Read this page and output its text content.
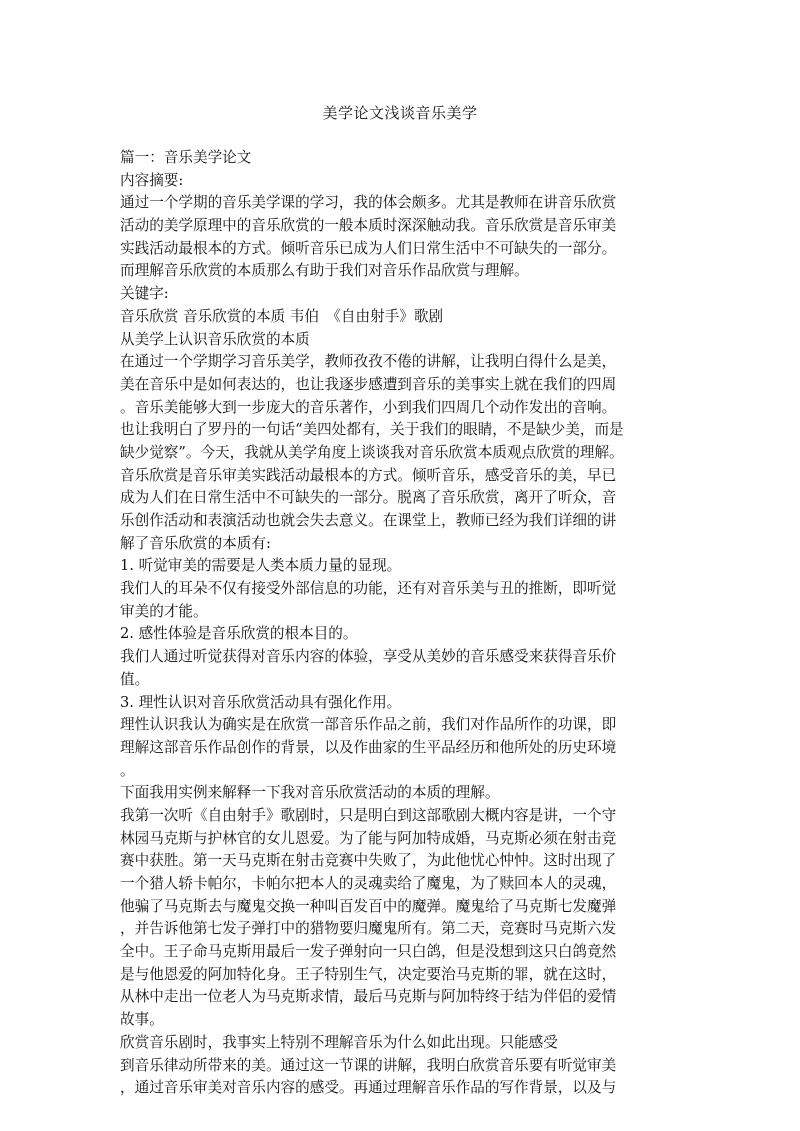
美学论文浅谈音乐美学
篇一：音乐美学论文
内容摘要:
通过一个学期的音乐美学课的学习，我的体会颇多。尤其是教师在讲音乐欣赏
活动的美学原理中的音乐欣赏的一般本质时深深触动我。音乐欣赏是音乐审美
实践活动最根本的方式。倾听音乐已成为人们日常生活中不可缺失的一部分。
而理解音乐欣赏的本质那么有助于我们对音乐作品欣赏与理解。
关键字:
音乐欣赏 音乐欣赏的本质 韦伯　《自由射手》歌剧
从美学上认识音乐欣赏的本质
在通过一个学期学习音乐美学，教师孜孜不倦的讲解，让我明白得什么是美，
美在音乐中是如何表达的，也让我逐步感遭到音乐的美事实上就在我们的四周
。音乐美能够大到一步庞大的音乐著作，小到我们四周几个动作发出的音响。
也让我明白了罗丹的一句话“美四处都有，关于我们的眼睛，不是缺少美，而是
缺少觉察”。今天，我就从美学角度上谈谈我对音乐欣赏本质观点欣赏的理解。
音乐欣赏是音乐审美实践活动最根本的方式。倾听音乐，感受音乐的美，早已
成为人们在日常生活中不可缺失的一部分。脱离了音乐欣赏，离开了听众，音
乐创作活动和表演活动也就会失去意义。在课堂上，教师已经为我们详细的讲
解了音乐欣赏的本质有:
1. 听觉审美的需要是人类本质力量的显现。
我们人的耳朵不仅有接受外部信息的功能，还有对音乐美与丑的推断，即听觉
审美的才能。
2. 感性体验是音乐欣赏的根本目的。
我们人通过听觉获得对音乐内容的体验，享受从美妙的音乐感受来获得音乐价
值。
3. 理性认识对音乐欣赏活动具有强化作用。
理性认识我认为确实是在欣赏一部音乐作品之前，我们对作品所作的功课，即
理解这部音乐作品创作的背景，以及作曲家的生平品经历和他所处的历史环境
。
下面我用实例来解释一下我对音乐欣赏活动的本质的理解。
我第一次听《自由射手》歌剧时，只是明白到这部歌剧大概内容是讲，一个守
林园马克斯与护林官的女儿恩爱。为了能与阿加特成婚，马克斯必须在射击竞
赛中获胜。第一天马克斯在射击竞赛中失败了，为此他忧心忡忡。这时出现了
一个猎人轿卡帕尔，卡帕尔把本人的灵魂卖给了魔鬼，为了赎回本人的灵魂，
他骗了马克斯去与魔鬼交换一种叫百发百中的魔弹。魔鬼给了马克斯七发魔弹
，并告诉他第七发子弹打中的猎物要归魔鬼所有。第二天，竞赛时马克斯六发
全中。王子命马克斯用最后一发子弹射向一只白鸽，但是没想到这只白鸽竟然
是与他恩爱的阿加特化身。王子特别生气，决定要治马克斯的罪，就在这时，
从林中走出一位老人为马克斯求情，最后马克斯与阿加特终于结为伴侣的爱情
故事。
欣赏音乐剧时，我事实上特别不理解音乐为什么如此出现。只能感受
到音乐律动所带来的美。通过这一节课的讲解，我明白欣赏音乐要有听觉审美
，通过音乐审美对音乐内容的感受。再通过理解音乐作品的写作背景，以及与
